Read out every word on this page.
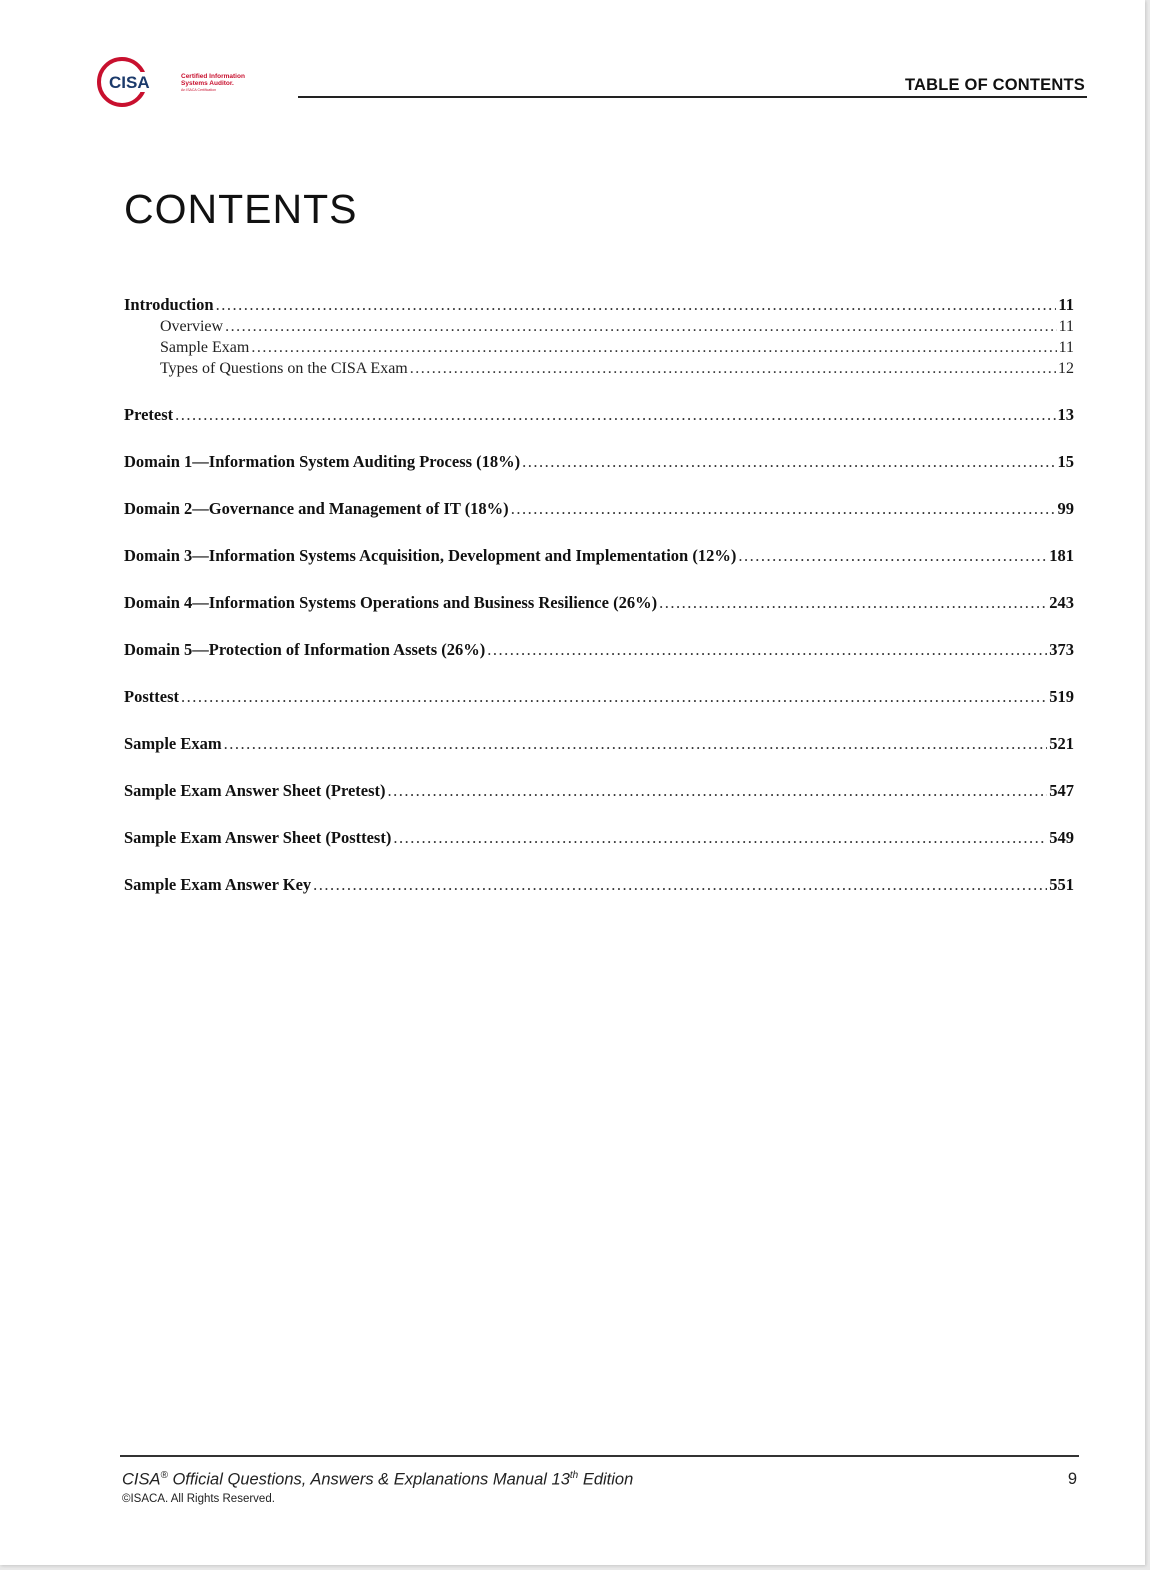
CISA	Certified Information
Systems Auditor.
An ISACA Certification	TABLE OF CONTENTS
CONTENTS
Introduction .....	11
Overview .....	11
Sample Exam .....	11
Types of Questions on the CISA Exam .....	12
Pretest .....	13
Domain 1—Information System Auditing Process (18%) .....	15
Domain 2—Governance and Management of IT (18%) .....	99
Domain 3—Information Systems Acquisition, Development and Implementation (12%) .....	181
Domain 4—Information Systems Operations and Business Resilience (26%) .....	243
Domain 5—Protection of Information Assets (26%) .....	373
Posttest .....	519
Sample Exam .....	521
Sample Exam Answer Sheet (Pretest) .....	547
Sample Exam Answer Sheet (Posttest) .....	549
Sample Exam Answer Key .....	551
CISA® Official Questions, Answers & Explanations Manual 13th Edition
©ISACA. All Rights Reserved.
9
